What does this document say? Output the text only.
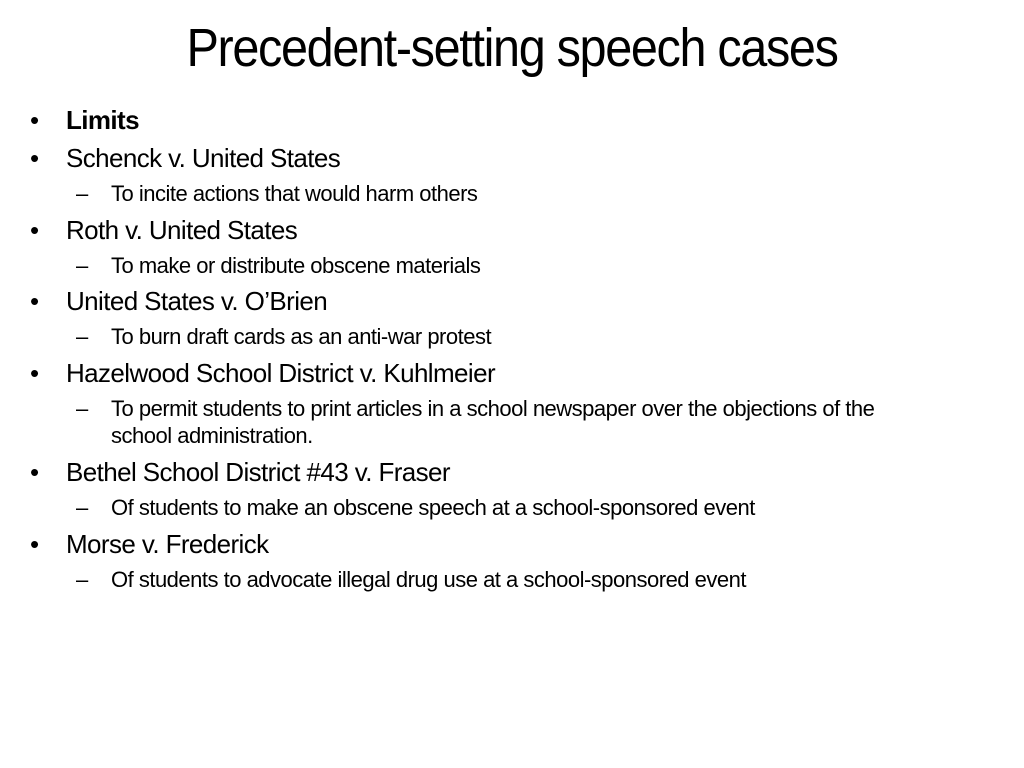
Precedent-setting speech cases
• Limits
• Schenck v. United States
– To incite actions that would harm others
• Roth v. United States
– To make or distribute obscene materials
• United States v. O’Brien
– To burn draft cards as an anti-war protest
• Hazelwood School District v. Kuhlmeier
– To permit students to print articles in a school newspaper over the objections of the
school administration.
• Bethel School District #43 v. Fraser
– Of students to make an obscene speech at a school-sponsored event
• Morse v. Frederick
– Of students to advocate illegal drug use at a school-sponsored event
